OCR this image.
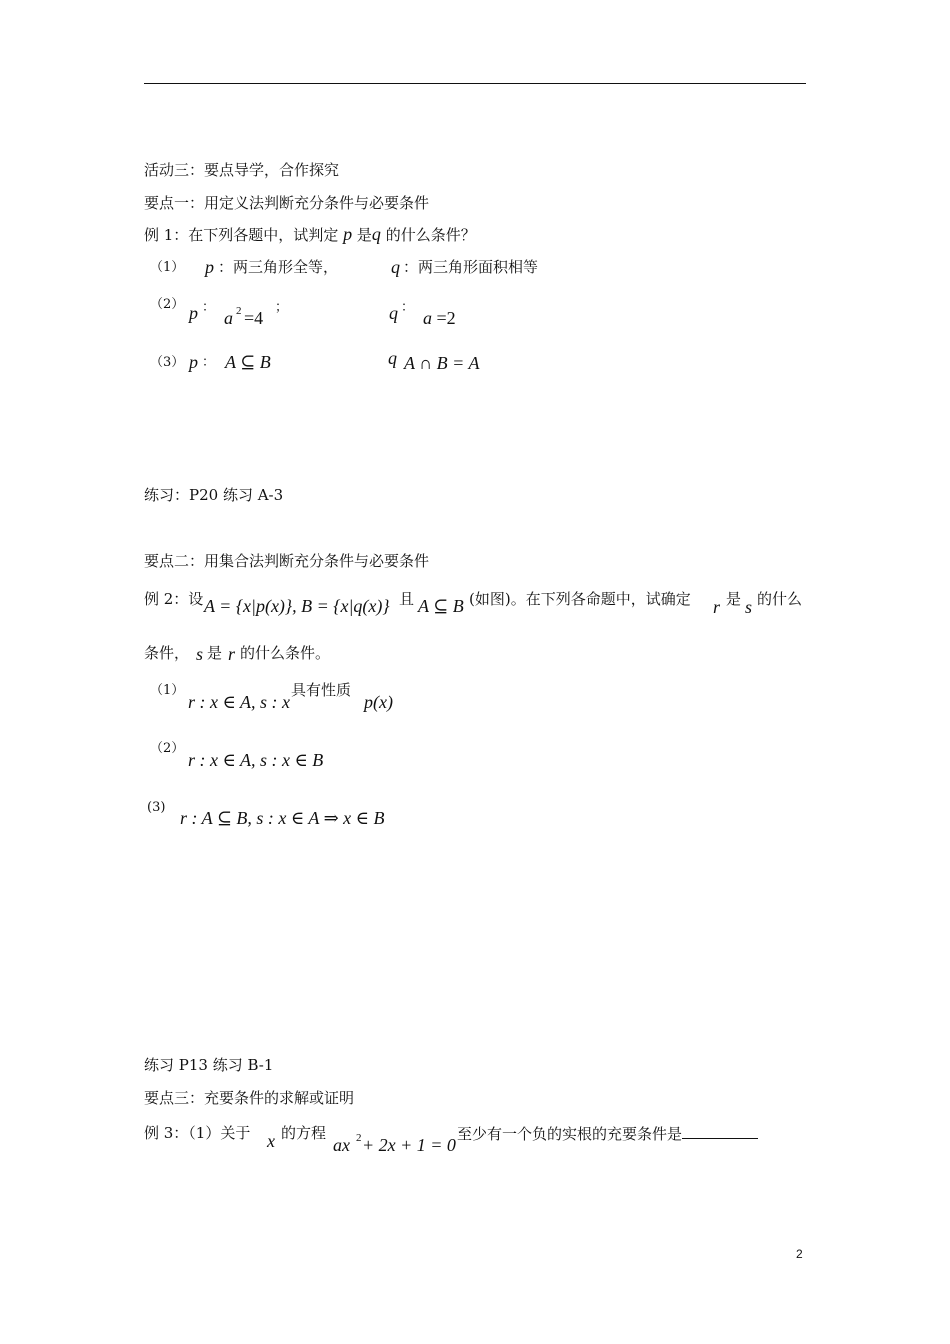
活动三：要点导学，合作探究
要点一：用定义法判断充分条件与必要条件
例 1：在下列各题中，试判定 p 是q 的什么条件？
（1） p ：两三角形全等，	q ：两三角形面积相等
（2） p ：
a 2 =4
；	q ：
a =2
（3） p ： A ⊆ B	q A ∩ B = A
练习：P20 练习 A-3
要点二：用集合法判断充分条件与必要条件
例 2：设 A = {x|p(x)}, B = {x|q(x)} 且 A ⊆ B (如图)。在下列各命题中，试确定 r 是 s 的什么
条件， s 是 r 的什么条件。
（1）
r : x ∈ A, s : x
具有性质
p(x)
（2）
r : x ∈ A, s : x ∈ B
(3)
r : A ⊆ B, s : x ∈ A ⇒ x ∈ B
练习 P13 练习 B-1
要点三：充要条件的求解或证明
例 3：（1）关于 x 的方程
ax 2 + 2x + 1 = 0
至少有一个负的实根的充要条件是
2
